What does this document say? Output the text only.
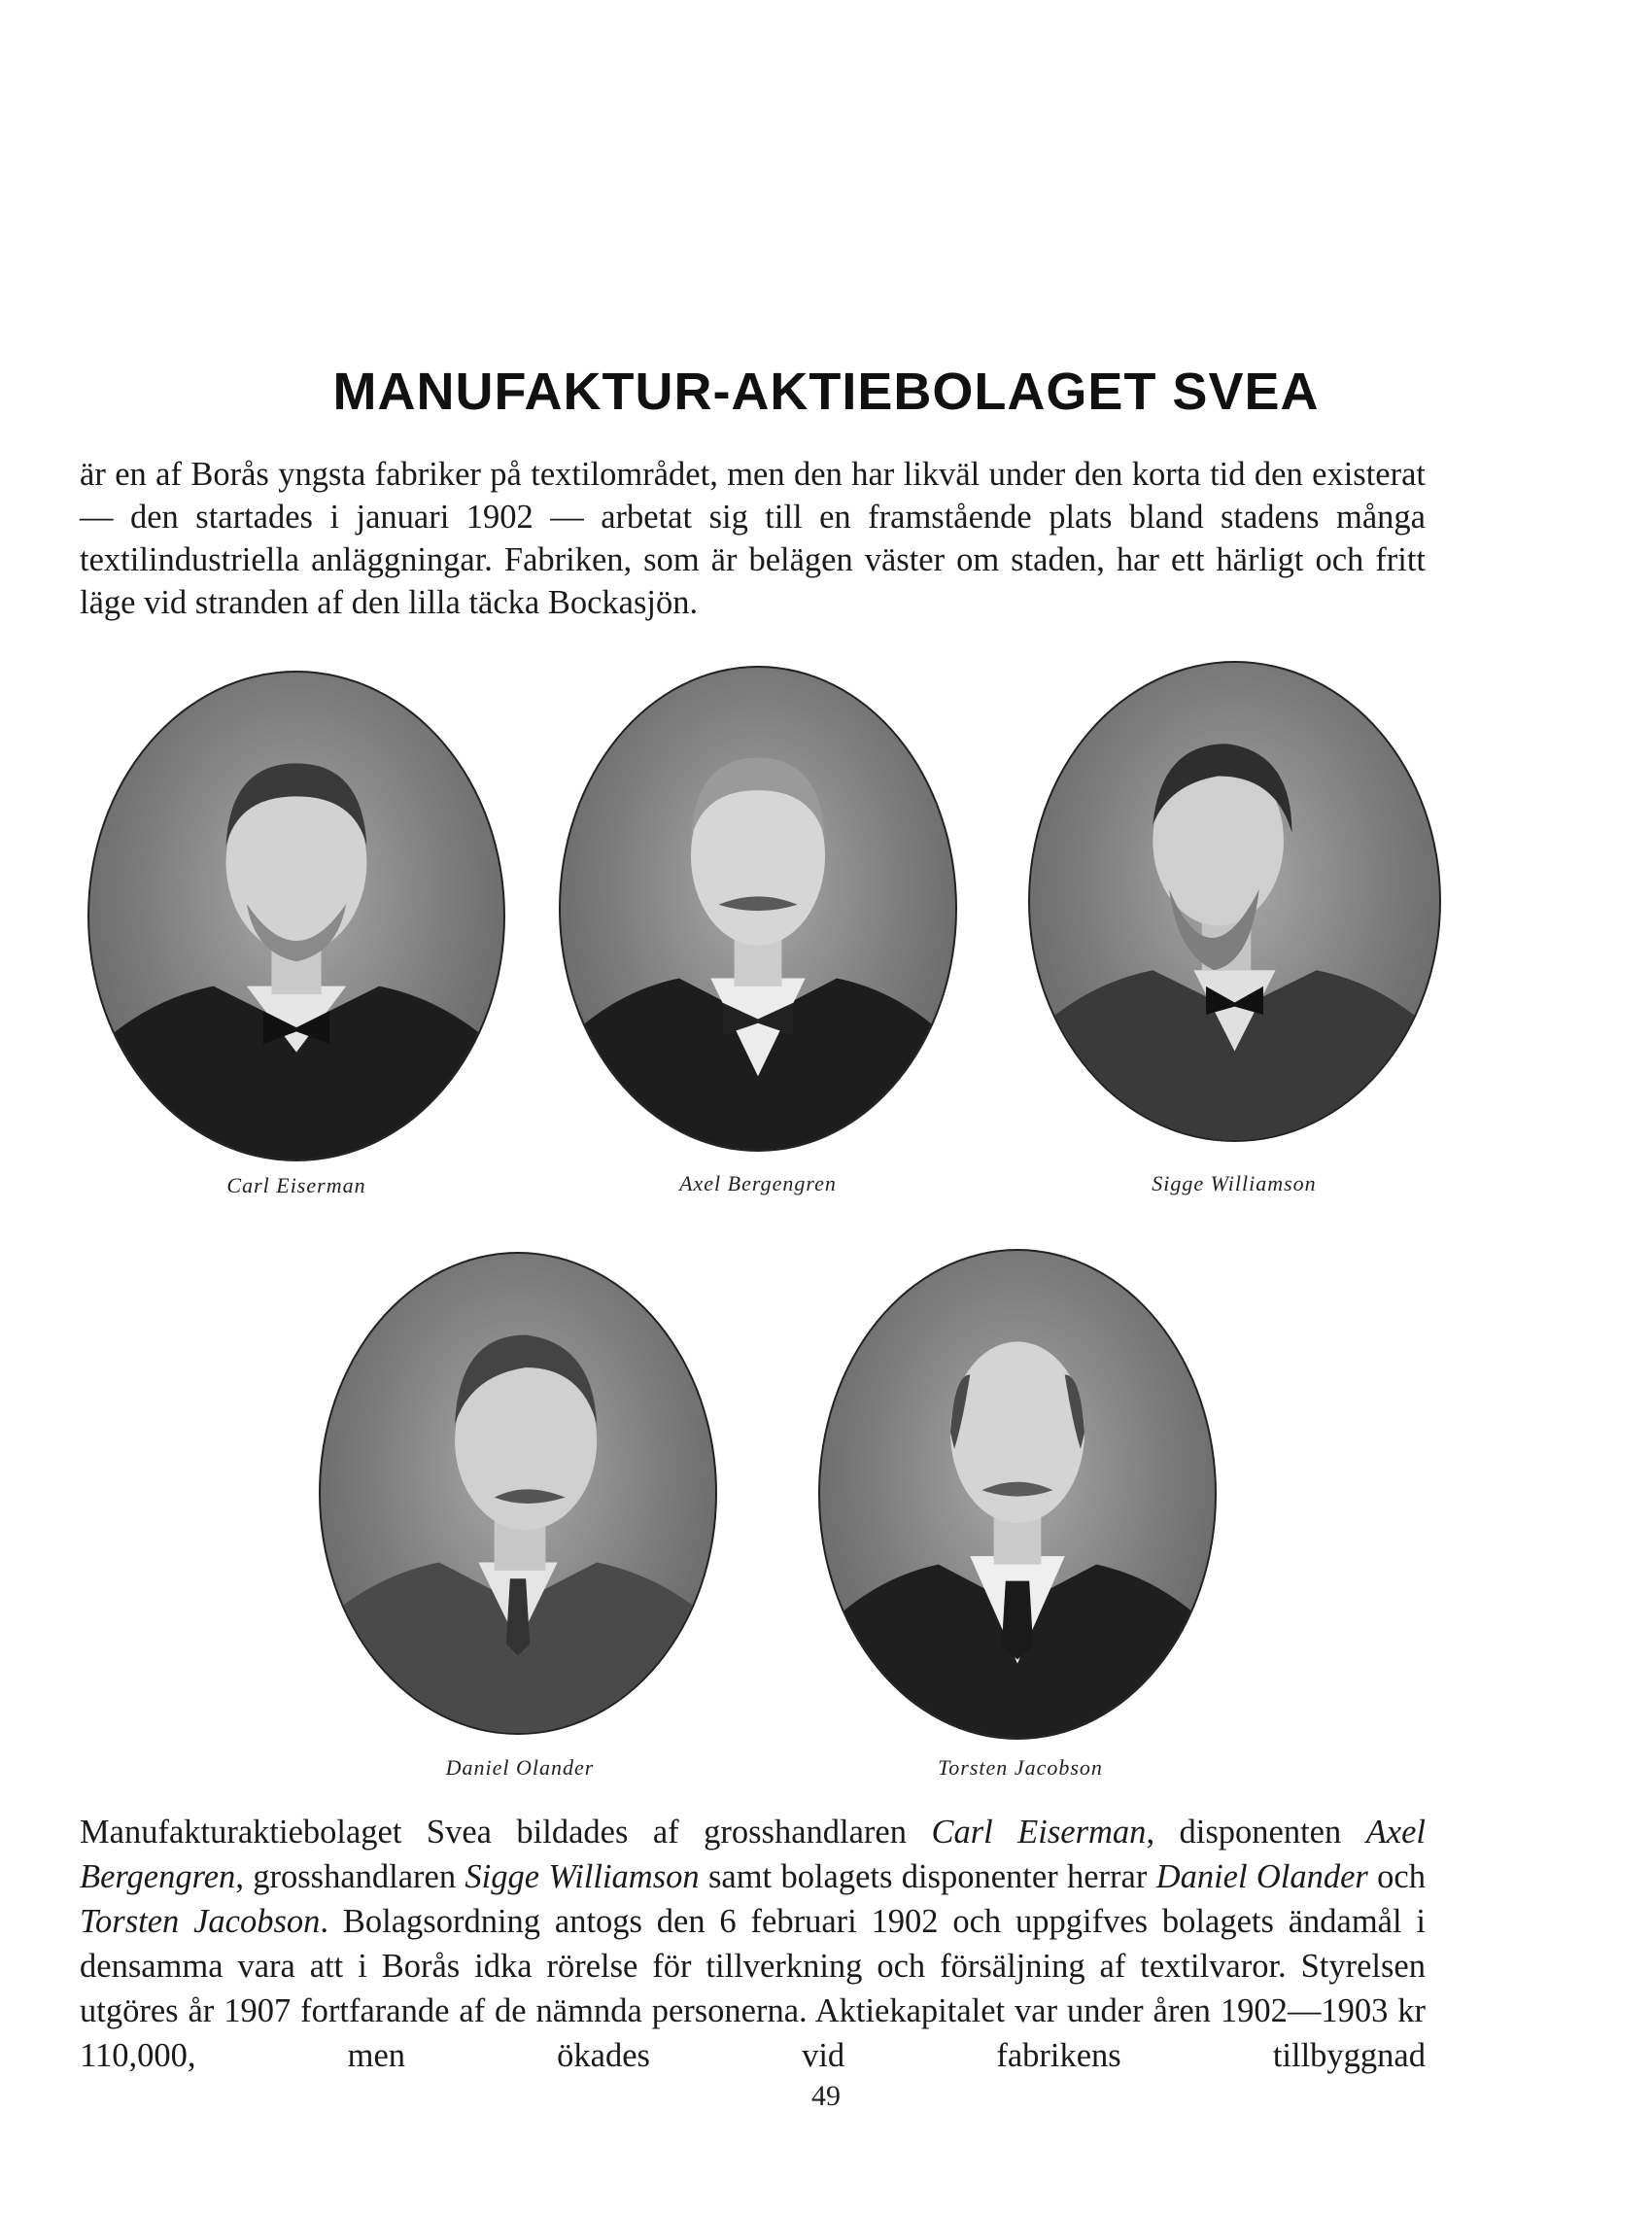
MANUFAKTUR-AKTIEBOLAGET SVEA

är en af Borås yngsta fabriker på textilområdet, men den har likväl under den korta tid den existerat — den startades i januari 1902 — arbetat sig till en framstående plats bland stadens många textilindustriella anläggningar. Fabriken, som är belägen väster om staden, har ett härligt och fritt läge vid stranden af den lilla täcka Bockasjön.

Carl Eiserman	Axel Bergengren	Sigge Williamson
Daniel Olander	Torsten Jacobson

Manufakturaktiebolaget Svea bildades af grosshandlaren Carl Eiserman, disponenten Axel Bergengren, grosshandlaren Sigge Williamson samt bolagets disponenter herrar Daniel Olander och Torsten Jacobson. Bolagsordning antogs den 6 februari 1902 och uppgifves bolagets ändamål i densamma vara att i Borås idka rörelse för tillverkning och försäljning af textilvaror. Styrelsen utgöres år 1907 fortfarande af de nämnda personerna. Aktiekapitalet var under åren 1902—1903 kr 110,000, men ökades vid fabrikens tillbyggnad

49
